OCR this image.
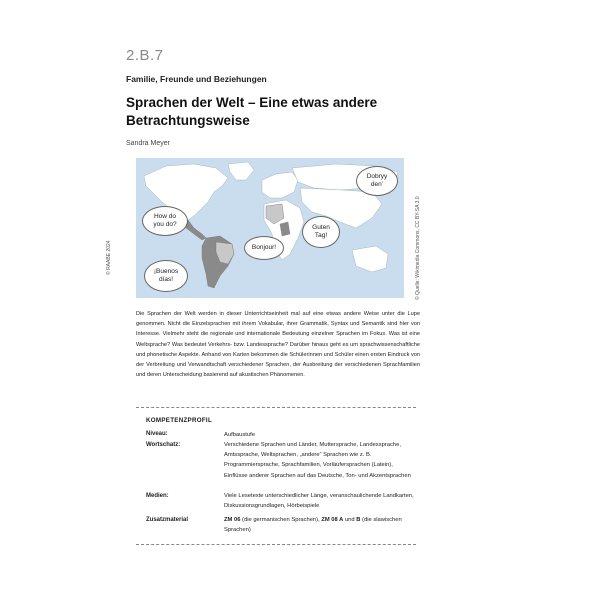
2.B.7
Familie, Freunde und Beziehungen
Sprachen der Welt – Eine etwas andere Betrachtungsweise
Sandra Meyer
© RAABE 2024
How do
you do?
Bonjour!
¡Buenos
días!
Guten
Tag!
Dobryy
den’
© Quelle: Wikimedia Commons, CC BY-SA 3.0
Die Sprachen der Welt werden in dieser Unterrichtseinheit mal auf eine etwas andere Weise unter die Lupe genommen. Nicht die Einzelsprachen mit ihrem Vokabular, ihrer Grammatik, Syntax und Semantik sind hier von Interesse. Vielmehr steht die regionale und internationale Bedeutung einzelner Sprachen im Fokus. Was ist eine Weltsprache? Was bedeutet Verkehrs- bzw. Landessprache? Darüber hinaus geht es um sprachwissenschaftliche und phonetische Aspekte. Anhand von Karten bekommen die Schülerinnen und Schüler einen ersten Eindruck von der Verbreitung und Verwandtschaft verschiedener Sprachen, der Ausbreitung der verschiedenen Sprachfamilien und deren Unterscheidung basierend auf akustischen Phänomenen.
KOMPETENZPROFIL
Niveau:	Aufbaustufe
Wortschatz:	Verschiedene Sprachen und Länder, Muttersprache, Landessprache, Amtssprache, Weltsprachen, „andere“ Sprachen wie z. B. Programmiersprache, Sprachfamilien, Vorläufersprachen (Latein), Einflüsse anderer Sprachen auf das Deutsche, Ton- und Akzentsprachen
Medien:	Viele Lesetexte unterschiedlicher Länge, veranschaulichende Landkarten, Diskussionsgrundlagen, Hörbeispiele
Zusatzmaterial	ZM 06 (die germanischen Sprachen), ZM 08 A und B (die slawischen Sprachen)
